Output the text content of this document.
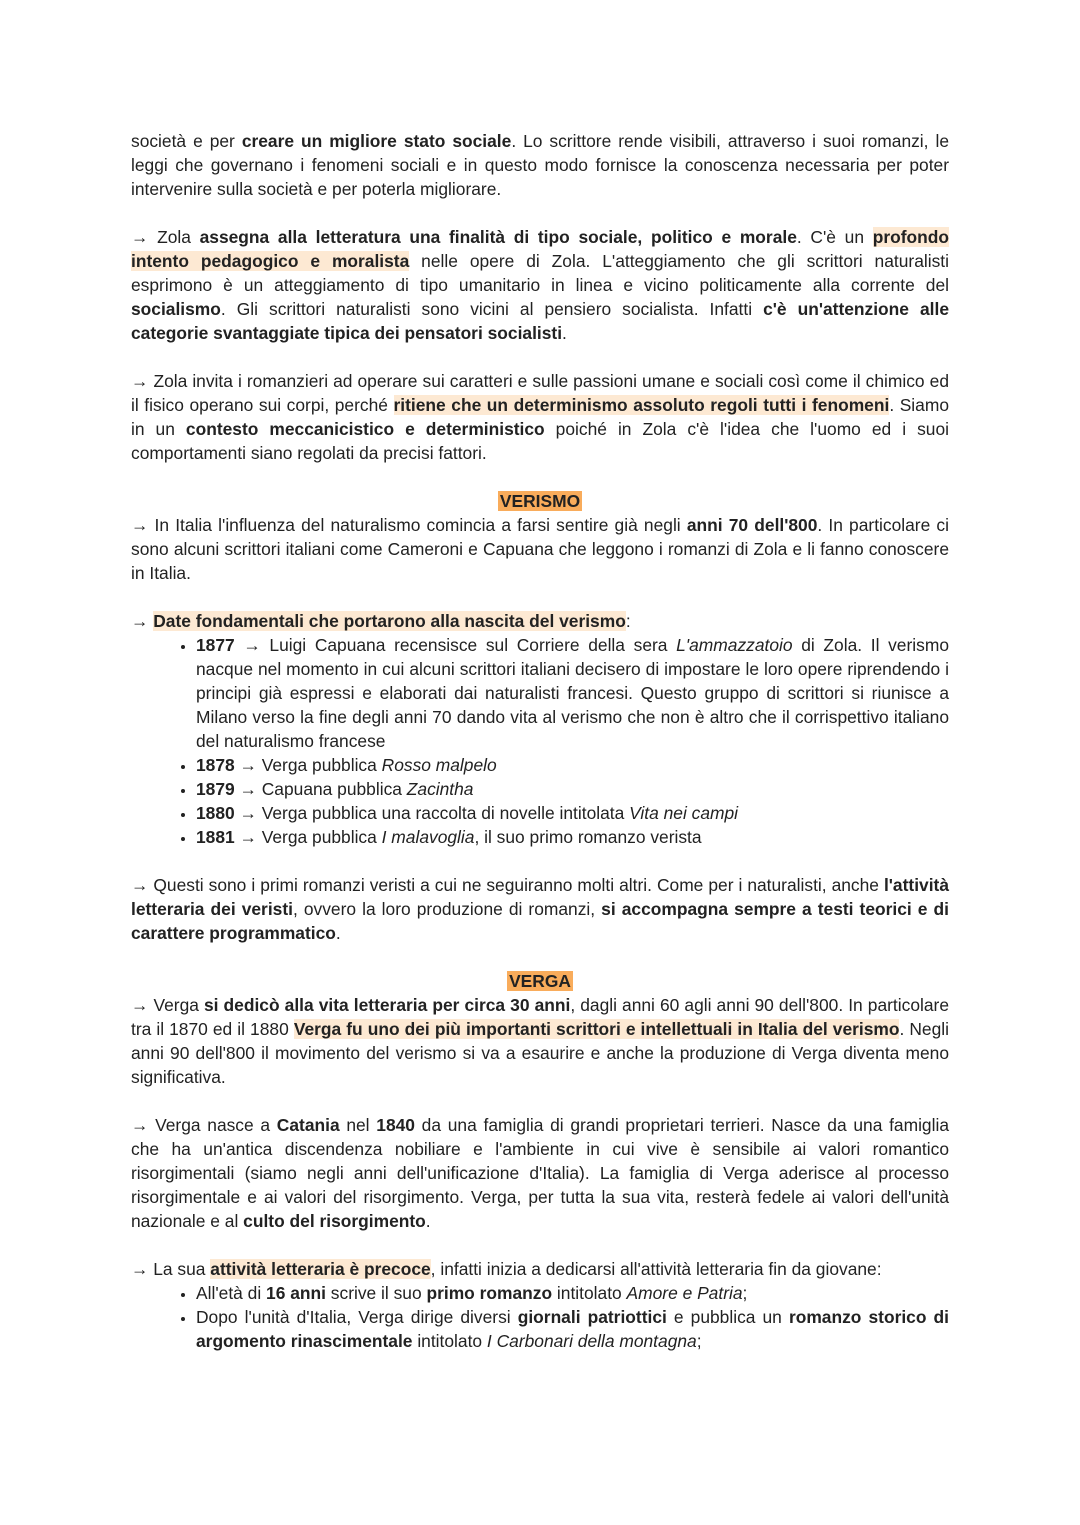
società e per creare un migliore stato sociale. Lo scrittore rende visibili, attraverso i suoi romanzi, le leggi che governano i fenomeni sociali e in questo modo fornisce la conoscenza necessaria per poter intervenire sulla società e per poterla migliorare.

→ Zola assegna alla letteratura una finalità di tipo sociale, politico e morale. C'è un profondo intento pedagogico e moralista nelle opere di Zola. L'atteggiamento che gli scrittori naturalisti esprimono è un atteggiamento di tipo umanitario in linea e vicino politicamente alla corrente del socialismo. Gli scrittori naturalisti sono vicini al pensiero socialista. Infatti c'è un'attenzione alle categorie svantaggiate tipica dei pensatori socialisti.

→ Zola invita i romanzieri ad operare sui caratteri e sulle passioni umane e sociali così come il chimico ed il fisico operano sui corpi, perché ritiene che un determinismo assoluto regoli tutti i fenomeni. Siamo in un contesto meccanicistico e deterministico poiché in Zola c'è l'idea che l'uomo ed i suoi comportamenti siano regolati da precisi fattori.

VERISMO

→ In Italia l'influenza del naturalismo comincia a farsi sentire già negli anni 70 dell'800. In particolare ci sono alcuni scrittori italiani come Cameroni e Capuana che leggono i romanzi di Zola e li fanno conoscere in Italia.

→ Date fondamentali che portarono alla nascita del verismo:

• 1877 → Luigi Capuana recensisce sul Corriere della sera L'ammazzatoio di Zola. Il verismo nacque nel momento in cui alcuni scrittori italiani decisero di impostare le loro opere riprendendo i principi già espressi e elaborati dai naturalisti francesi. Questo gruppo di scrittori si riunisce a Milano verso la fine degli anni 70 dando vita al verismo che non è altro che il corrispettivo italiano del naturalismo francese
• 1878 → Verga pubblica Rosso malpelo
• 1879 → Capuana pubblica Zacintha
• 1880 → Verga pubblica una raccolta di novelle intitolata Vita nei campi
• 1881 → Verga pubblica I malavoglia, il suo primo romanzo verista

→ Questi sono i primi romanzi veristi a cui ne seguiranno molti altri. Come per i naturalisti, anche l'attività letteraria dei veristi, ovvero la loro produzione di romanzi, si accompagna sempre a testi teorici e di carattere programmatico.

VERGA

→ Verga si dedicò alla vita letteraria per circa 30 anni, dagli anni 60 agli anni 90 dell'800. In particolare tra il 1870 ed il 1880 Verga fu uno dei più importanti scrittori e intellettuali in Italia del verismo. Negli anni 90 dell'800 il movimento del verismo si va a esaurire e anche la produzione di Verga diventa meno significativa.

→ Verga nasce a Catania nel 1840 da una famiglia di grandi proprietari terrieri. Nasce da una famiglia che ha un'antica discendenza nobiliare e l'ambiente in cui vive è sensibile ai valori romantico risorgimentali (siamo negli anni dell'unificazione d'Italia). La famiglia di Verga aderisce al processo risorgimentale e ai valori del risorgimento. Verga, per tutta la sua vita, resterà fedele ai valori dell'unità nazionale e al culto del risorgimento.

→ La sua attività letteraria è precoce, infatti inizia a dedicarsi all'attività letteraria fin da giovane:

• All'età di 16 anni scrive il suo primo romanzo intitolato Amore e Patria;
• Dopo l'unità d'Italia, Verga dirige diversi giornali patriottici e pubblica un romanzo storico di argomento rinascimentale intitolato I Carbonari della montagna;
